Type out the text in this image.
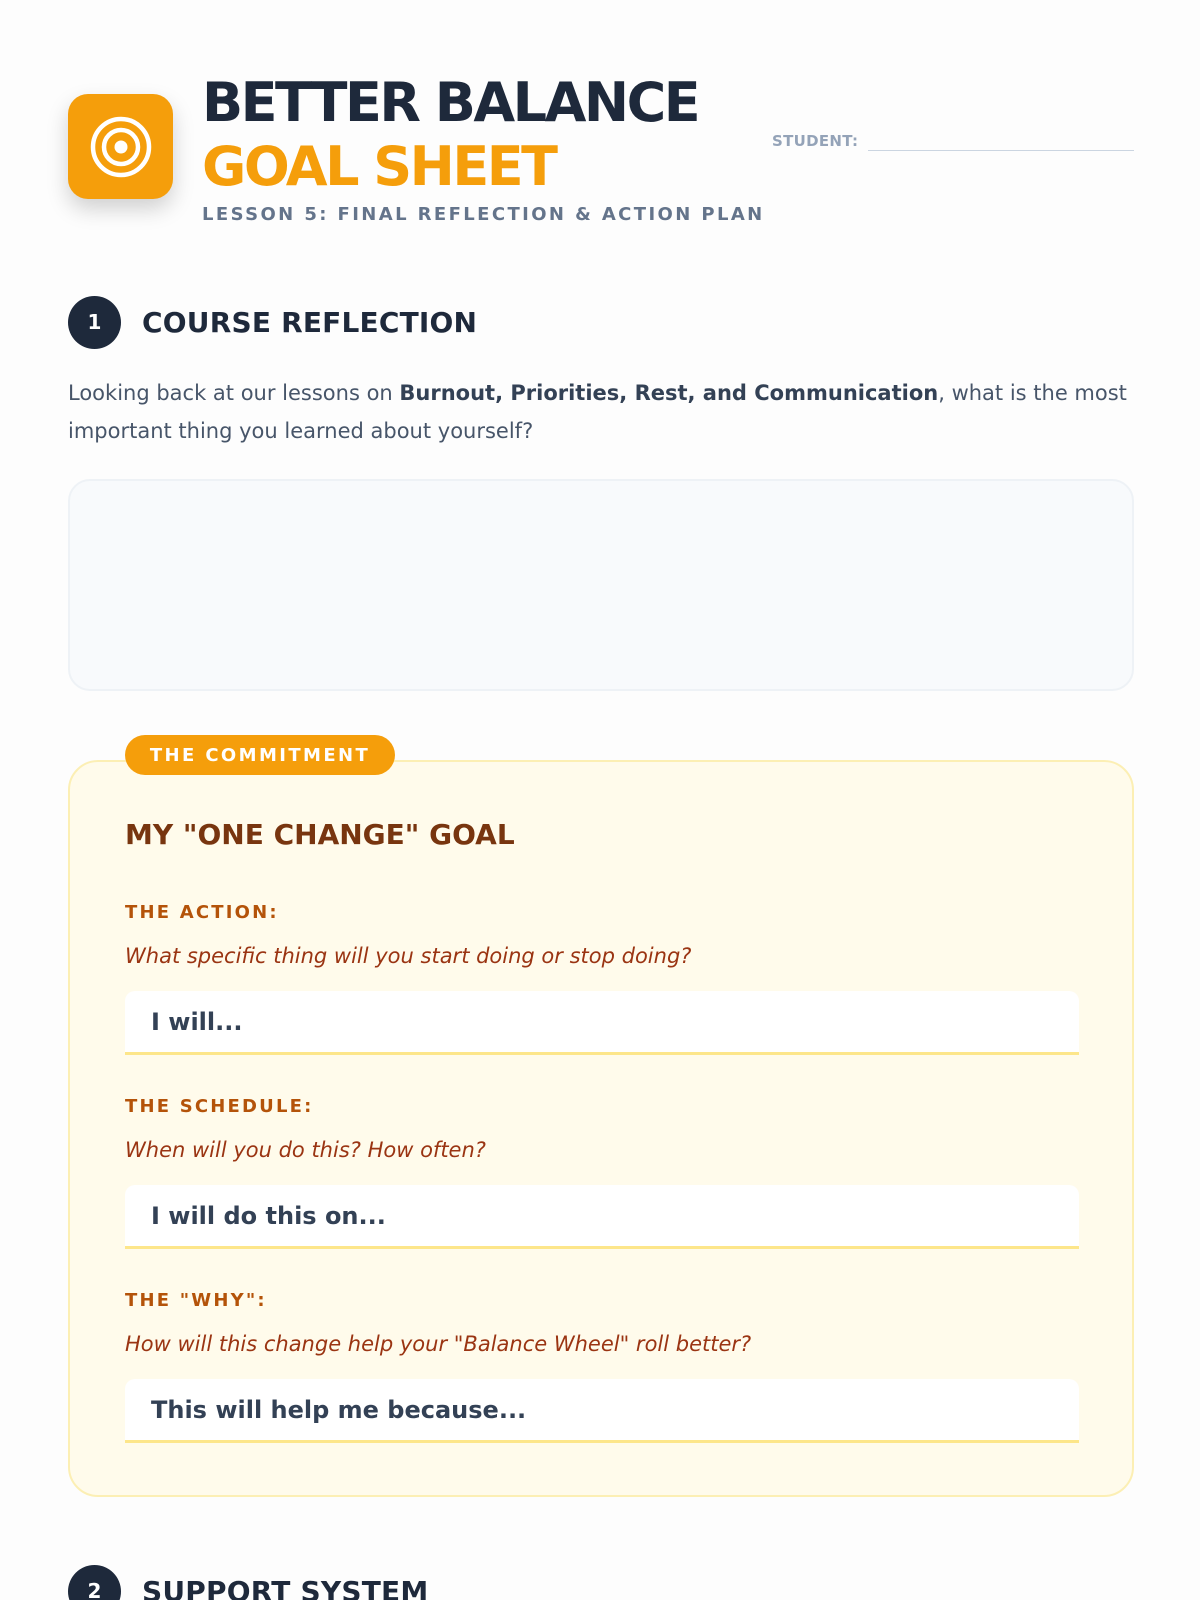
BETTER BALANCE
GOAL SHEET
LESSON 5: FINAL REFLECTION & ACTION PLAN
STUDENT:
1	COURSE REFLECTION

Looking back at our lessons on Burnout, Priorities, Rest, and Communication, what is the most important thing you learned about yourself?

THE COMMITMENT
MY "ONE CHANGE" GOAL
THE ACTION:
What specific thing will you start doing or stop doing?
I will...
THE SCHEDULE:
When will you do this? How often?
I will do this on...
THE "WHY":
How will this change help your "Balance Wheel" roll better?
This will help me because...
2	SUPPORT SYSTEM
